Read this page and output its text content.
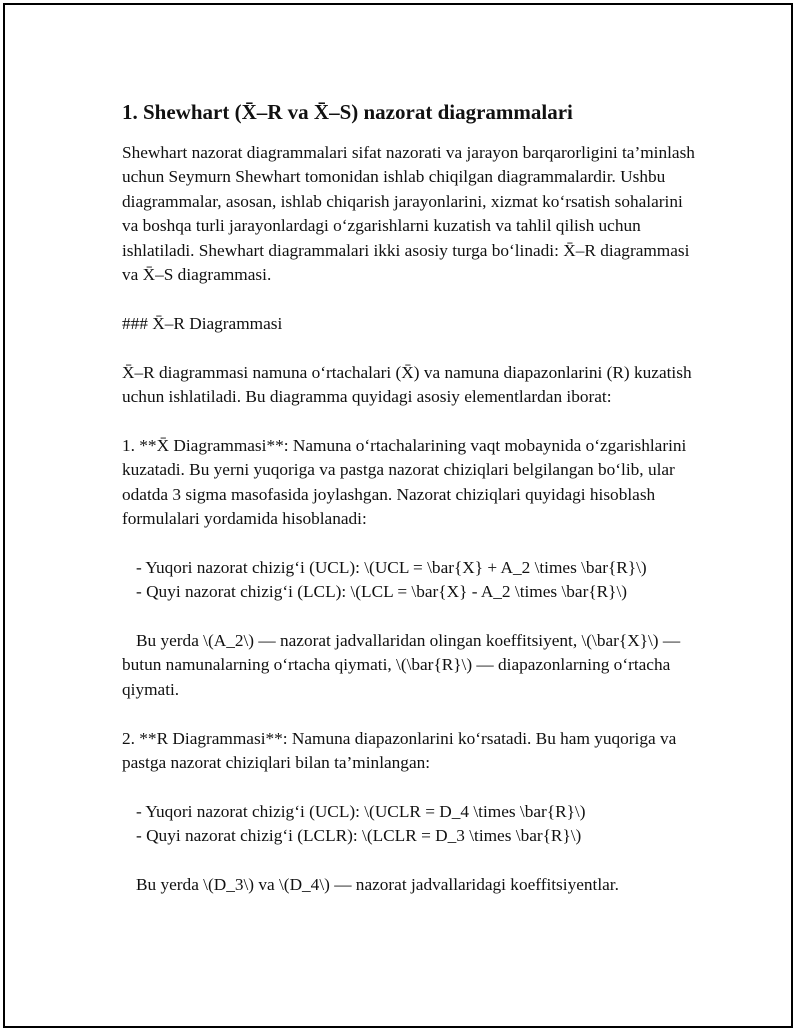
1. Shewhart (X̄–R va X̄–S) nazorat diagrammalari

Shewhart nazorat diagrammalari sifat nazorati va jarayon barqarorligini ta’minlash uchun Seymurn Shewhart tomonidan ishlab chiqilgan diagrammalardir. Ushbu diagrammalar, asosan, ishlab chiqarish jarayonlarini, xizmat koʻrsatish sohalarini va boshqa turli jarayonlardagi oʻzgarishlarni kuzatish va tahlil qilish uchun ishlatiladi. Shewhart diagrammalari ikki asosiy turga boʻlinadi: X̄–R diagrammasi va X̄–S diagrammasi.

### X̄–R Diagrammasi

X̄–R diagrammasi namuna oʻrtachalari (X̄) va namuna diapazonlarini (R) kuzatish uchun ishlatiladi. Bu diagramma quyidagi asosiy elementlardan iborat:

1. **X̄ Diagrammasi**: Namuna oʻrtachalarining vaqt mobaynida oʻzgarishlarini kuzatadi. Bu yerni yuqoriga va pastga nazorat chiziqlari belgilangan boʻlib, ular odatda 3 sigma masofasida joylashgan. Nazorat chiziqlari quyidagi hisoblash formulalari yordamida hisoblanadi:

- Yuqori nazorat chizigʻi (UCL): \(UCL = \bar{X} + A_2 \times \bar{R}\)

- Quyi nazorat chizigʻi (LCL): \(LCL = \bar{X} - A_2 \times \bar{R}\)

Bu yerda \(A_2\) — nazorat jadvallaridan olingan koeffitsiyent, \(\bar{X}\) — butun namunalarning oʻrtacha qiymati, \(\bar{R}\) — diapazonlarning oʻrtacha qiymati.

2. **R Diagrammasi**: Namuna diapazonlarini koʻrsatadi. Bu ham yuqoriga va pastga nazorat chiziqlari bilan ta’minlangan:

- Yuqori nazorat chizigʻi (UCL): \(UCLR = D_4 \times \bar{R}\)

- Quyi nazorat chizigʻi (LCLR): \(LCLR = D_3 \times \bar{R}\)

Bu yerda \(D_3\) va \(D_4\) — nazorat jadvallaridagi koeffitsiyentlar.
